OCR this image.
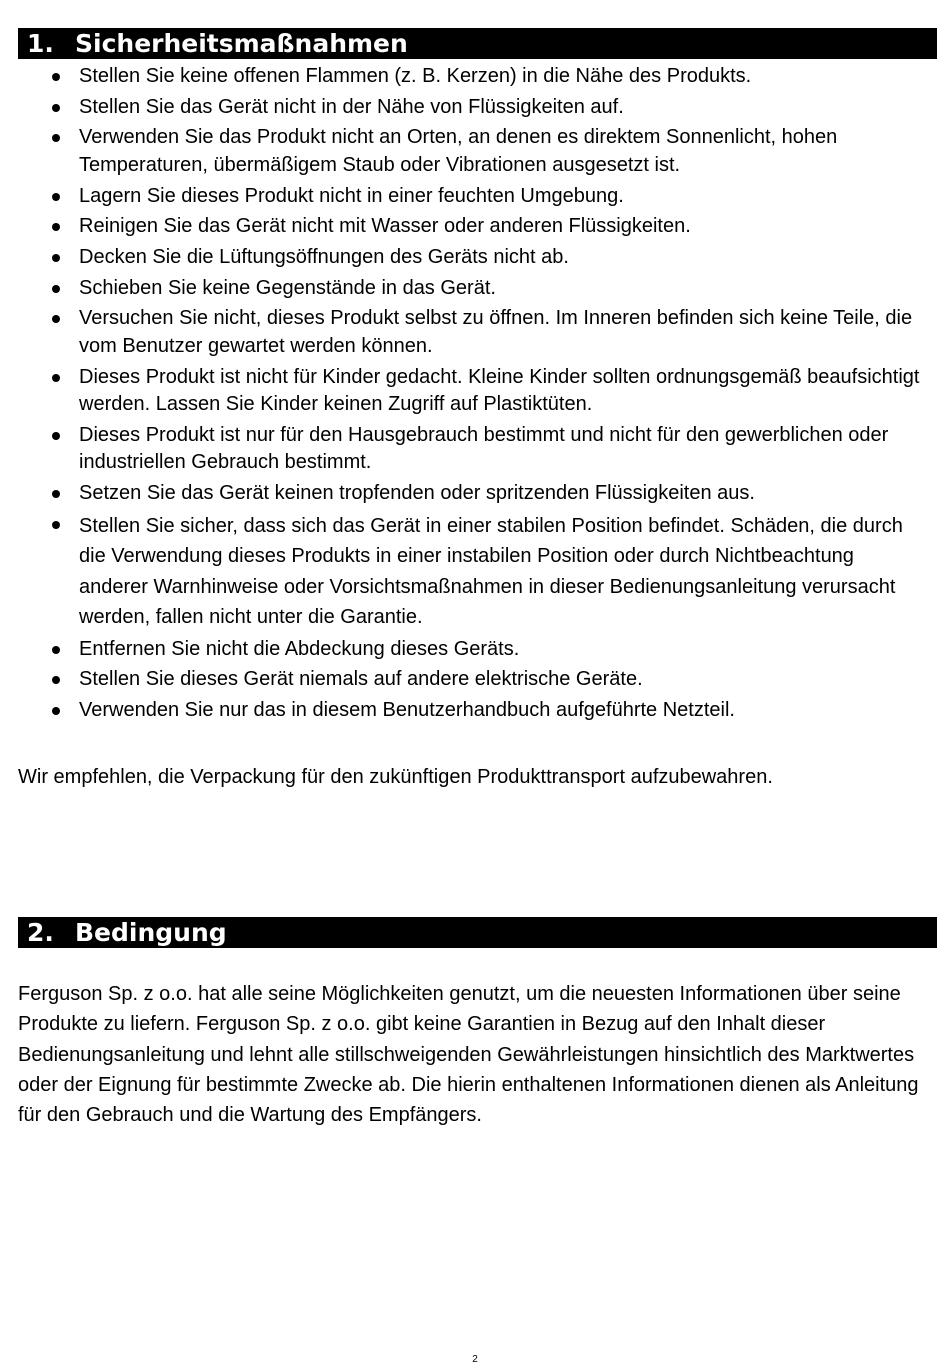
1. Sicherheitsmaßnahmen
Stellen Sie keine offenen Flammen (z. B. Kerzen) in die Nähe des Produkts.
Stellen Sie das Gerät nicht in der Nähe von Flüssigkeiten auf.
Verwenden Sie das Produkt nicht an Orten, an denen es direktem Sonnenlicht, hohen Temperaturen, übermäßigem Staub oder Vibrationen ausgesetzt ist.
Lagern Sie dieses Produkt nicht in einer feuchten Umgebung.
Reinigen Sie das Gerät nicht mit Wasser oder anderen Flüssigkeiten.
Decken Sie die Lüftungsöffnungen des Geräts nicht ab.
Schieben Sie keine Gegenstände in das Gerät.
Versuchen Sie nicht, dieses Produkt selbst zu öffnen. Im Inneren befinden sich keine Teile, die vom Benutzer gewartet werden können.
Dieses Produkt ist nicht für Kinder gedacht. Kleine Kinder sollten ordnungsgemäß beaufsichtigt werden. Lassen Sie Kinder keinen Zugriff auf Plastiktüten.
Dieses Produkt ist nur für den Hausgebrauch bestimmt und nicht für den gewerblichen oder industriellen Gebrauch bestimmt.
Setzen Sie das Gerät keinen tropfenden oder spritzenden Flüssigkeiten aus.
Stellen Sie sicher, dass sich das Gerät in einer stabilen Position befindet. Schäden, die durch die Verwendung dieses Produkts in einer instabilen Position oder durch Nichtbeachtung anderer Warnhinweise oder Vorsichtsmaßnahmen in dieser Bedienungsanleitung verursacht werden, fallen nicht unter die Garantie.
Entfernen Sie nicht die Abdeckung dieses Geräts.
Stellen Sie dieses Gerät niemals auf andere elektrische Geräte.
Verwenden Sie nur das in diesem Benutzerhandbuch aufgeführte Netzteil.

Wir empfehlen, die Verpackung für den zukünftigen Produkttransport aufzubewahren.

2. Bedingung

Ferguson Sp. z o.o. hat alle seine Möglichkeiten genutzt, um die neuesten Informationen über seine Produkte zu liefern. Ferguson Sp. z o.o. gibt keine Garantien in Bezug auf den Inhalt dieser Bedienungsanleitung und lehnt alle stillschweigenden Gewährleistungen hinsichtlich des Marktwertes oder der Eignung für bestimmte Zwecke ab. Die hierin enthaltenen Informationen dienen als Anleitung für den Gebrauch und die Wartung des Empfängers.

2
